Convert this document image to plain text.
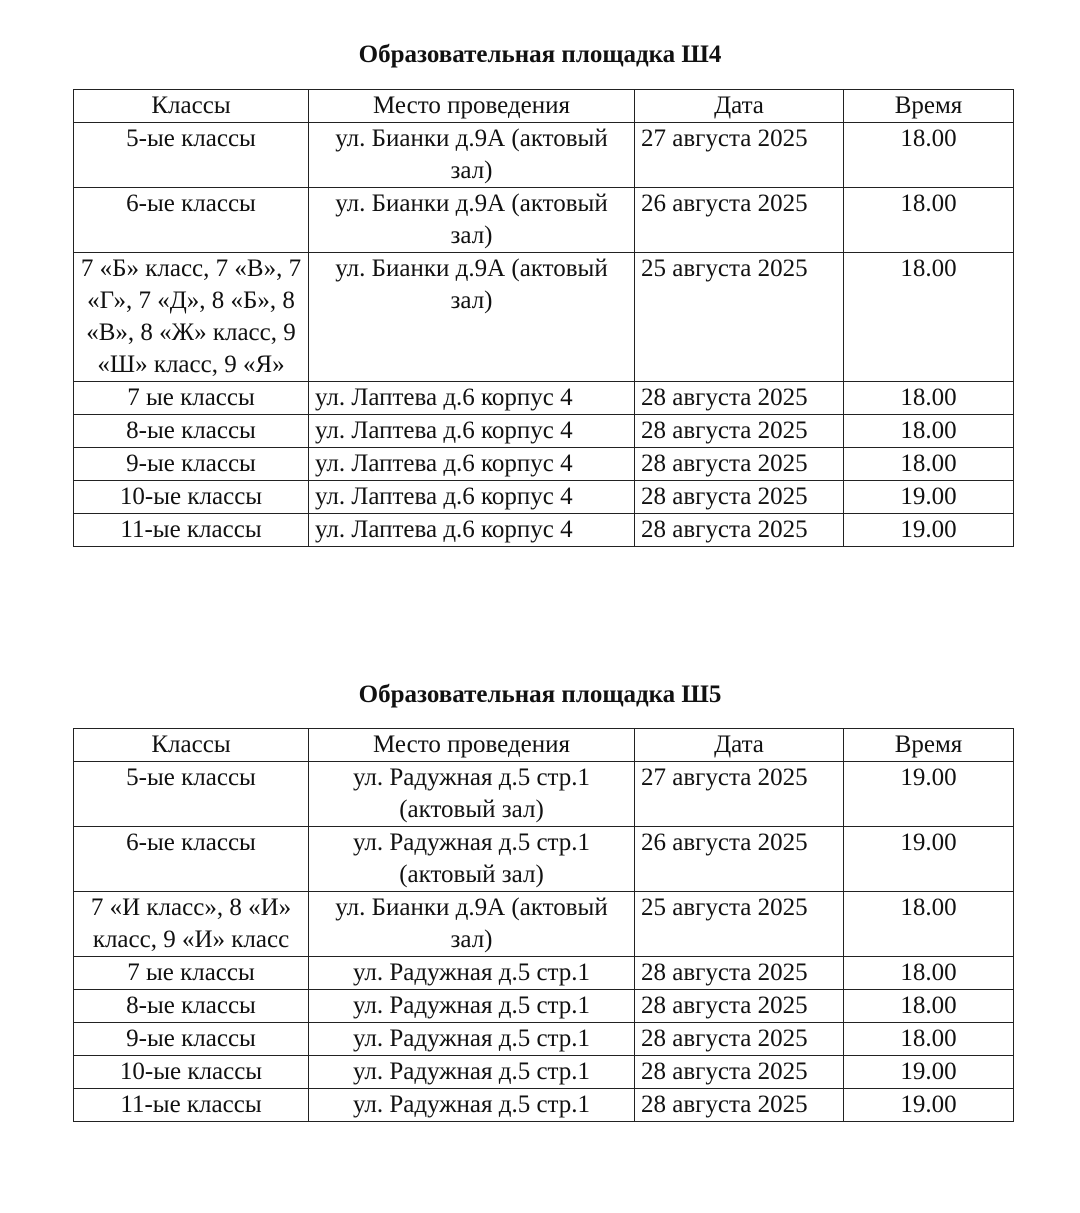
Образовательная площадка Ш4
Классы	Место проведения	Дата	Время
5-ые классы	ул. Бианки д.9А (актовый зал)	27 августа 2025	18.00
6-ые классы	ул. Бианки д.9А (актовый зал)	26 августа 2025	18.00
7 «Б» класс, 7 «В», 7 «Г», 7 «Д», 8 «Б», 8 «В», 8 «Ж» класс, 9 «Ш» класс, 9 «Я»	ул. Бианки д.9А (актовый зал)	25 августа 2025	18.00
7 ые классы	ул. Лаптева д.6 корпус 4	28 августа 2025	18.00
8-ые классы	ул. Лаптева д.6 корпус 4	28 августа 2025	18.00
9-ые классы	ул. Лаптева д.6 корпус 4	28 августа 2025	18.00
10-ые классы	ул. Лаптева д.6 корпус 4	28 августа 2025	19.00
11-ые классы	ул. Лаптева д.6 корпус 4	28 августа 2025	19.00
Образовательная площадка Ш5
Классы	Место проведения	Дата	Время
5-ые классы	ул. Радужная д.5 стр.1 (актовый зал)	27 августа 2025	19.00
6-ые классы	ул. Радужная д.5 стр.1 (актовый зал)	26 августа 2025	19.00
7 «И класс», 8 «И» класс, 9 «И» класс	ул. Бианки д.9А (актовый зал)	25 августа 2025	18.00
7 ые классы	ул. Радужная д.5 стр.1	28 августа 2025	18.00
8-ые классы	ул. Радужная д.5 стр.1	28 августа 2025	18.00
9-ые классы	ул. Радужная д.5 стр.1	28 августа 2025	18.00
10-ые классы	ул. Радужная д.5 стр.1	28 августа 2025	19.00
11-ые классы	ул. Радужная д.5 стр.1	28 августа 2025	19.00
